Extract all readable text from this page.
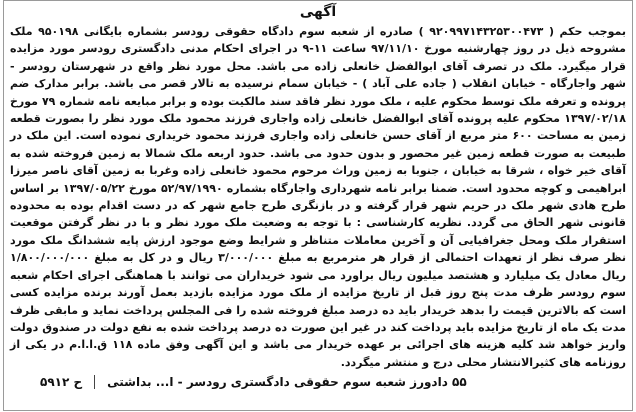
آگهی

بموجب حکم ( ۹۲۰۹۹۷۱۴۳۲۵۳۰۰۴۷۳ ) صادره از شعبه سوم دادگاه حقوقی رودسر بشماره بایگانی ۹۵۰۱۹۸ ملک مشروحه ذیل در روز چهارشنبه مورخ ۹۷/۱۱/۱۰ ساعت ۱۱-۹ در اجرای احکام مدنی دادگستری رودسر مورد مزایده قرار میگیرد. ملک در تصرف آقای ابوالفضل خانعلی زاده می باشد. محل مورد نظر واقع در شهرستان رودسر - شهر واجارگاه - خیابان انقلاب ( جاده علی آباد ) - خیابان سمام نرسیده به تالار قصر می باشد. برابر مدارک ضم پرونده و تعرفه ملک توسط محکوم علیه ، ملک مورد نظر فاقد سند مالکیت بوده و برابر مبایعه نامه شماره ۷۹ مورخ ۱۳۹۷/۰۲/۱۸ محکوم علیه پرونده آقای ابوالفضل خانعلی زاده واجاری فرزند محمود ملک مورد نظر را بصورت قطعه زمین به مساحت ۶۰۰ متر مربع از آقای حسن خانعلی زاده واجاری فرزند محمود خریداری نموده است. این ملک در طبیعت به صورت قطعه زمین غیر محصور و بدون حدود می باشد. حدود اربعه ملک شمالا به زمین فروخته شده به آقای خیر خواه ، شرقا به خیابان ، جنوبا به زمین وراث مرحوم محمود خانعلی زاده وغربا به زمین آقای ناصر میرزا ابراهیمی و کوچه محدود است. ضمنا برابر نامه شهرداری واجارگاه بشماره ۵۲/۹۷/۱۹۹۰ مورخ ۱۳۹۷/۰۵/۲۲ بر اساس طرح هادی شهر ملک در حریم شهر قرار گرفته و در بازنگری طرح جامع شهر که در دست اقدام بوده به محدوده قانونی شهر الحاق می گردد. نظریه کارشناسی : با توجه به وضعیت ملک مورد نظر و با در نظر گرفتن موقعیت استقرار ملک ومحل جغرافیایی آن و آخرین معاملات متناظر و شرایط وضع موجود ارزش پایه ششدانگ ملک مورد نظر صرف نظر از تعهدات احتمالی از قرار هر مترمربع به مبلغ ۳/۰۰۰/۰۰۰ ریال و در کل به مبلغ ۱/۸۰۰/۰۰۰/۰۰۰ ریال معادل یک میلیارد و هشتصد میلیون ریال براورد می شود خریداران می توانند با هماهنگی اجرای احکام شعبه سوم رودسر ظرف مدت پنج روز قبل از تاریخ مزایده از ملک مورد مزایده بازدید بعمل آورند برنده مزایده کسی است که بالاترین قیمت را بدهد خریدار باید ده درصد مبلغ فروخته شده را فی المجلس پرداخت نماید و مابقی ظرف مدت یک ماه از تاریخ مزایده باید پرداخت کند در غیر این صورت ده درصد پرداخت شده به نفع دولت در صندوق دولت واریز خواهد شد کلیه هزینه های اجرائی بر عهده خریدار می باشد و این آگهی وفق ماده ۱۱۸ ق.ا.ا.م در یکی از روزنامه های کثیرالانتشار محلی درج و منتشر میگردد.

۵۵ دادورز شعبه سوم حقوقی دادگستری رودسر - ا... بداشتی
ح ۵۹۱۲
